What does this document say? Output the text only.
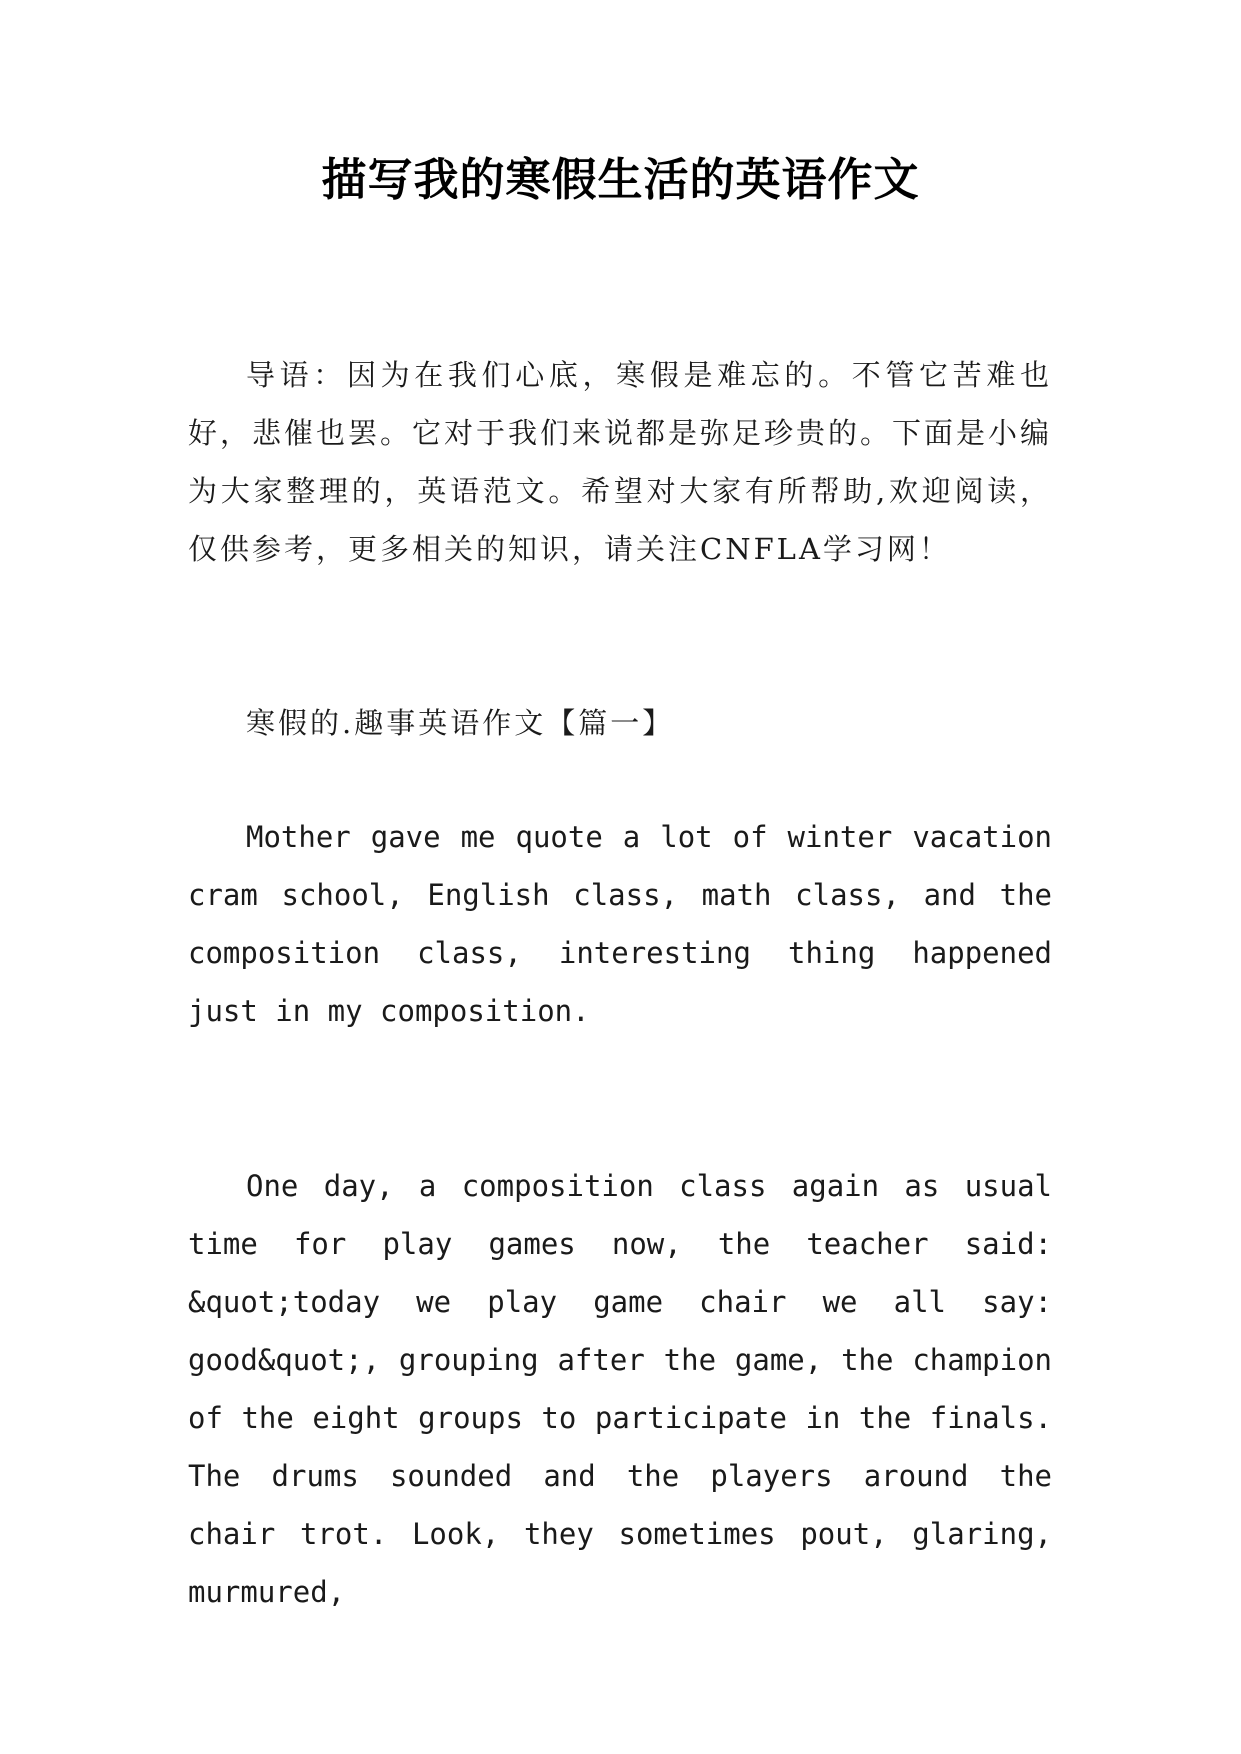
描写我的寒假生活的英语作文
导语：因为在我们心底，寒假是难忘的。不管它苦难也好，悲催也罢。它对于我们来说都是弥足珍贵的。下面是小编为大家整理的，英语范文。希望对大家有所帮助,欢迎阅读，仅供参考，更多相关的知识，请关注CNFLA学习网！
寒假的.趣事英语作文【篇一】
Mother gave me quote a lot of winter vacation cram school, English class, math class, and the composition class, interesting thing happened just in my composition.
One day, a composition class again as usual time for play games now, the teacher said: &quot;today we play game chair we all say: good&quot;, grouping after the game, the champion of the eight groups to participate in the finals. The drums sounded and the players around the chair trot. Look, they sometimes pout, glaring, murmured,
